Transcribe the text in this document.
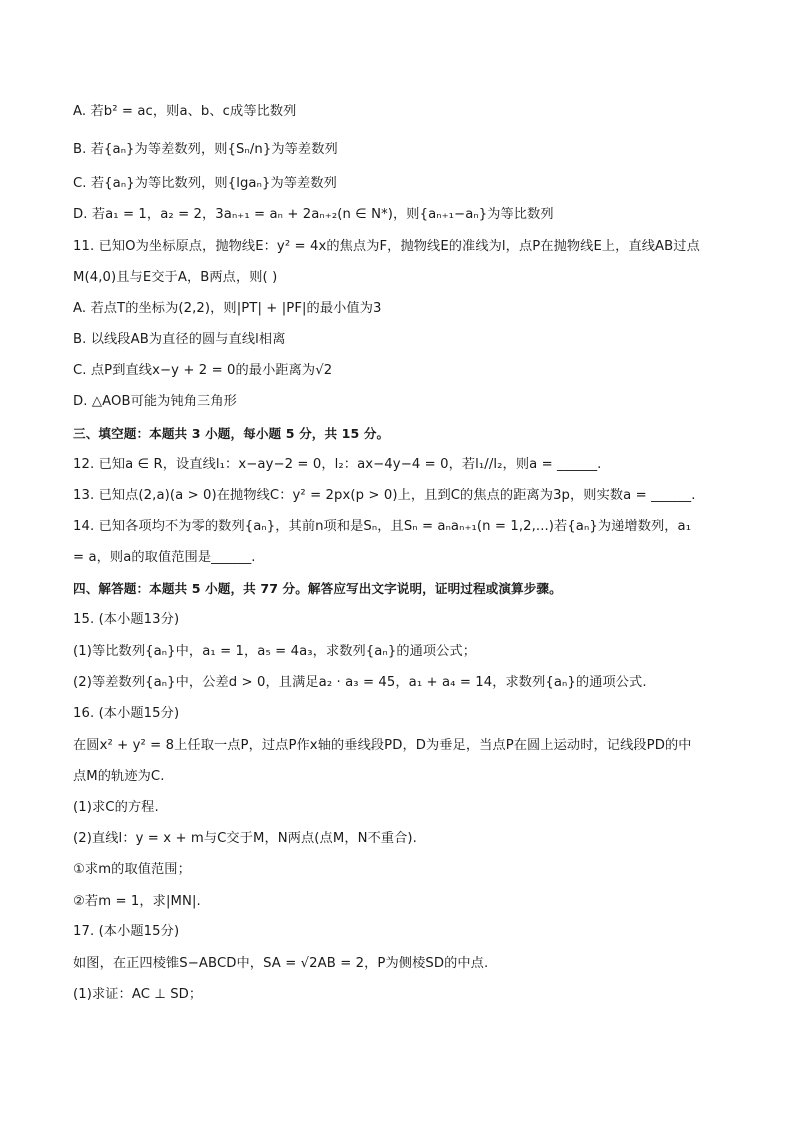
A. 若b² = ac，则a、b、c成等比数列
B. 若{aₙ}为等差数列，则{Sₙ/n}为等差数列
C. 若{aₙ}为等比数列，则{lgaₙ}为等差数列
D. 若a₁ = 1，a₂ = 2，3aₙ₊₁ = aₙ + 2aₙ₊₂(n ∈ N*)，则{aₙ₊₁−aₙ}为等比数列
11. 已知O为坐标原点，抛物线E：y² = 4x的焦点为F，抛物线E的准线为l，点P在抛物线E上，直线AB过点
M(4,0)且与E交于A，B两点，则( )
A. 若点T的坐标为(2,2)，则|PT| + |PF|的最小值为3
B. 以线段AB为直径的圆与直线l相离
C. 点P到直线x−y + 2 = 0的最小距离为√2
D. △AOB可能为钝角三角形
三、填空题：本题共 3 小题，每小题 5 分，共 15 分。
12. 已知a ∈ R，设直线l₁：x−ay−2 = 0，l₂：ax−4y−4 = 0，若l₁//l₂，则a = ______.
13. 已知点(2,a)(a > 0)在抛物线C：y² = 2px(p > 0)上，且到C的焦点的距离为3p，则实数a = ______.
14. 已知各项均不为零的数列{aₙ}，其前n项和是Sₙ，且Sₙ = aₙaₙ₊₁(n = 1,2,...)若{aₙ}为递增数列，a₁
= a，则a的取值范围是______.
四、解答题：本题共 5 小题，共 77 分。解答应写出文字说明，证明过程或演算步骤。
15. (本小题13分)
(1)等比数列{aₙ}中，a₁ = 1，a₅ = 4a₃，求数列{aₙ}的通项公式；
(2)等差数列{aₙ}中，公差d > 0，且满足a₂ · a₃ = 45，a₁ + a₄ = 14，求数列{aₙ}的通项公式.
16. (本小题15分)
在圆x² + y² = 8上任取一点P，过点P作x轴的垂线段PD，D为垂足，当点P在圆上运动时，记线段PD的中
点M的轨迹为C.
(1)求C的方程.
(2)直线l：y = x + m与C交于M，N两点(点M，N不重合).
①求m的取值范围；
②若m = 1，求|MN|.
17. (本小题15分)
如图，在正四棱锥S−ABCD中，SA = √2AB = 2，P为侧棱SD的中点.
(1)求证：AC ⊥ SD；
